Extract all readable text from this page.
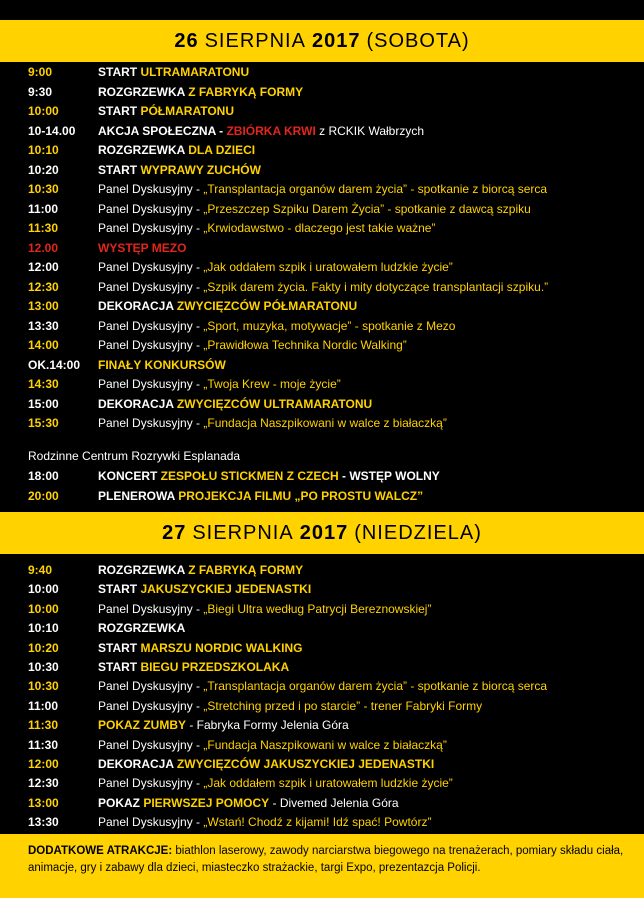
26 SIERPNIA 2017 (SOBOTA)
9:00	START ULTRAMARATONU
9:30	ROZGRZEWKA Z FABRYKĄ FORMY
10:00	START PÓŁMARATONU
10-14.00 AKCJA SPOŁECZNA - ZBIÓRKA KRWI z RCKIK Wałbrzych
10:10	ROZGRZEWKA DLA DZIECI
10:20	START WYPRAWY ZUCHÓW
10:30	Panel Dyskusyjny - „Transplantacja organów darem życia” - spotkanie z biorcą serca
11:00	Panel Dyskusyjny - „Przeszczep Szpiku Darem Życia” - spotkanie z dawcą szpiku
11:30	Panel Dyskusyjny - „Krwiodawstwo - dlaczego jest takie ważne”
12.00	WYSTĘP MEZO
12:00	Panel Dyskusyjny - „Jak oddałem szpik i uratowałem ludzkie życie”
12:30	Panel Dyskusyjny - „Szpik darem życia. Fakty i mity dotyczące transplantacji szpiku.”
13:00	DEKORACJA ZWYCIĘZCÓW PÓŁMARATONU
13:30	Panel Dyskusyjny - „Sport, muzyka, motywacje” - spotkanie z Mezo
14:00	Panel Dyskusyjny - „Prawidłowa Technika Nordic Walking”
OK.14:00 FINAŁY KONKURSÓW
14:30	Panel Dyskusyjny - „Twoja Krew - moje życie”
15:00	DEKORACJA ZWYCIĘZCÓW ULTRAMARATONU
15:30	Panel Dyskusyjny - „Fundacja Naszpikowani w walce z białaczką”
Rodzinne Centrum Rozrywki Esplanada
18:00	KONCERT ZESPOŁU STICKMEN Z CZECH - WSTĘP WOLNY
20:00	PLENEROWA PROJEKCJA FILMU „PO PROSTU WALCZ”
27 SIERPNIA 2017 (NIEDZIELA)
9:40	ROZGRZEWKA Z FABRYKĄ FORMY
10:00	START JAKUSZYCKIEJ JEDENASTKI
10:00	Panel Dyskusyjny - „Biegi Ultra według Patrycji Bereznowskiej”
10:10	ROZGRZEWKA
10:20	START MARSZU NORDIC WALKING
10:30	START BIEGU PRZEDSZKOLAKA
10:30	Panel Dyskusyjny - „Transplantacja organów darem życia” - spotkanie z biorcą serca
11:00	Panel Dyskusyjny - „Stretching przed i po starcie” - trener Fabryki Formy
11:30	POKAZ ZUMBY - Fabryka Formy Jelenia Góra
11:30	Panel Dyskusyjny - „Fundacja Naszpikowani w walce z białaczką”
12:00	DEKORACJA ZWYCIĘZCÓW JAKUSZYCKIEJ JEDENASTKI
12:30	Panel Dyskusyjny - „Jak oddałem szpik i uratowałem ludzkie życie”
13:00	POKAZ PIERWSZEJ POMOCY - Divemed Jelenia Góra
13:30	Panel Dyskusyjny - „Wstań! Chodź z kijami! Idź spać! Powtórz”
DODATKOWE ATRAKCJE: biathlon laserowy, zawody narciarstwa biegowego na trenażerach, pomiary składu ciała, animacje, gry i zabawy dla dzieci, miasteczko strażackie, targi Expo, prezentazcja Policji.
